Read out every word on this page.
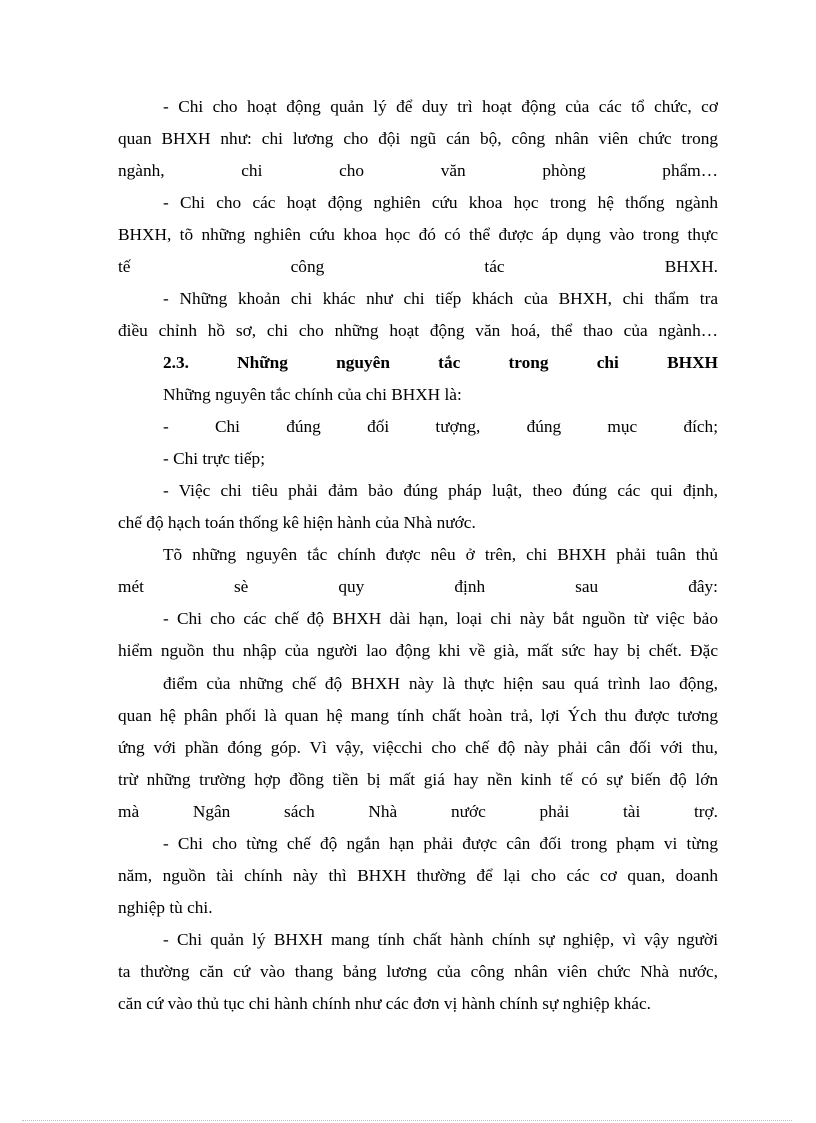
- Chi cho hoạt động quản lý để duy trì hoạt động của các tổ chức, cơ
quan BHXH như: chi lương cho đội ngũ cán bộ, công nhân viên chức trong
ngành, chi cho văn phòng phẩm…
- Chi cho các hoạt động nghiên cứu khoa học trong hệ thống ngành
BHXH, tõ những nghiên cứu khoa học đó có thể được áp dụng vào trong thực
tế công tác BHXH.
- Những khoản chi khác như chi tiếp khách của BHXH, chi thẩm tra
điều chỉnh hồ sơ, chi cho những hoạt động văn hoá, thể thao của ngành…
2.3. Những nguyên tắc trong chi BHXH
Những nguyên tắc chính của chi BHXH là:
- Chi đúng đối tượng, đúng mục đích;
- Chi trực tiếp;
- Việc chi tiêu phải đảm bảo đúng pháp luật, theo đúng các qui định,
chế độ hạch toán thống kê hiện hành của Nhà nước.
Tõ những nguyên tắc chính được nêu ở trên, chi BHXH phải tuân thủ
mét sè quy định sau đây:
- Chi cho các chế độ BHXH dài hạn, loại chi này bắt nguồn từ việc bảo
hiểm nguồn thu nhập của người lao động khi về già, mất sức hay bị chết. Đặc
điểm của những chế độ BHXH này là thực hiện sau quá trình lao động,
quan hệ phân phối là quan hệ mang tính chất hoàn trả, lợi Ých thu được tương
ứng với phần đóng góp. Vì vậy, việcchi cho chế độ này phải cân đối với thu,
trừ những trường hợp đồng tiền bị mất giá hay nền kinh tế có sự biến độ lớn
mà Ngân sách Nhà nước phải tài trợ.
- Chi cho từng chế độ ngắn hạn phải được cân đối trong phạm vi từng
năm, nguồn tài chính này thì BHXH thường để lại cho các cơ quan, doanh
nghiệp tù chi.
- Chi quản lý BHXH mang tính chất hành chính sự nghiệp, vì vậy người
ta thường căn cứ vào thang bảng lương của công nhân viên chức Nhà nước,
căn cứ vào thủ tục chi hành chính như các đơn vị hành chính sự nghiệp khác.
